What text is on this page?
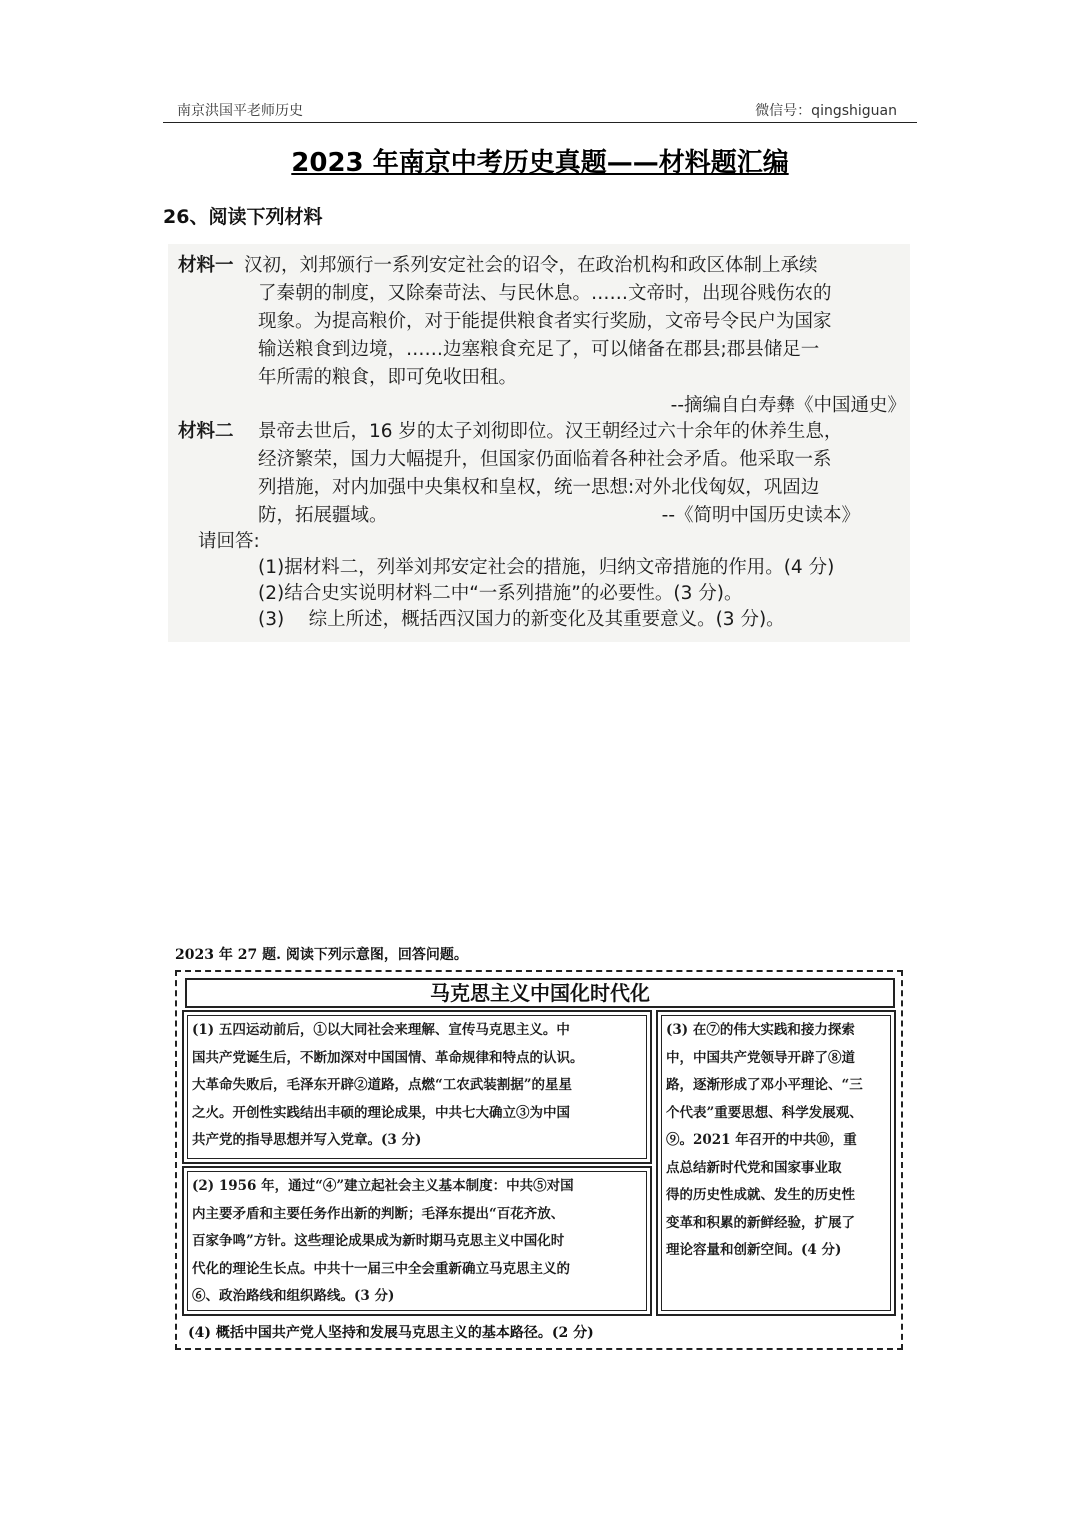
南京洪国平老师历史	微信号：qingshiguan
2023 年南京中考历史真题——材料题汇编
26、阅读下列材料
材料一 汉初，刘邦颁行一系列安定社会的诏令，在政治机构和政区体制上承续
了秦朝的制度，又除秦苛法、与民休息。……文帝时，出现谷贱伤农的
现象。为提高粮价，对于能提供粮食者实行奖励，文帝号令民户为国家
输送粮食到边境，……边塞粮食充足了，可以储备在郡县;郡县储足一
年所需的粮食，即可免收田租。
--摘编自白寿彝《中国通史》
材料二 景帝去世后，16 岁的太子刘彻即位。汉王朝经过六十余年的休养生息，
经济繁荣，国力大幅提升，但国家仍面临着各种社会矛盾。他采取一系
列措施，对内加强中央集权和皇权，统一思想:对外北伐匈奴，巩固边
防，拓展疆域。	--《简明中国历史读本》
请回答:
(1)据材料二，列举刘邦安定社会的措施，归纳文帝措施的作用。(4 分)
(2)结合史实说明材料二中“一系列措施”的必要性。(3 分)。
(3)　 综上所述，概括西汉国力的新变化及其重要意义。(3 分)。
2023 年 27 题. 阅读下列示意图，回答问题。
马克思主义中国化时代化
(1) 五四运动前后，①以大同社会来理解、宣传马克思主义。中
国共产党诞生后，不断加深对中国国情、革命规律和特点的认识。
大革命失败后，毛泽东开辟②道路，点燃“工农武装割据”的星星
之火。开创性实践结出丰硕的理论成果，中共七大确立③为中国
共产党的指导思想并写入党章。(3 分)
(2) 1956 年，通过“④”建立起社会主义基本制度：中共⑤对国
内主要矛盾和主要任务作出新的判断；毛泽东提出“百花齐放、
百家争鸣”方针。这些理论成果成为新时期马克思主义中国化时
代化的理论生长点。中共十一届三中全会重新确立马克思主义的
⑥、政治路线和组织路线。(3 分)
(3) 在⑦的伟大实践和接力探索
中，中国共产党领导开辟了⑧道
路，逐渐形成了邓小平理论、“三
个代表”重要思想、科学发展观、
⑨。2021 年召开的中共⑩，重
点总结新时代党和国家事业取
得的历史性成就、发生的历史性
变革和积累的新鲜经验，扩展了
理论容量和创新空间。(4 分)
(4) 概括中国共产党人坚持和发展马克思主义的基本路径。(2 分)
